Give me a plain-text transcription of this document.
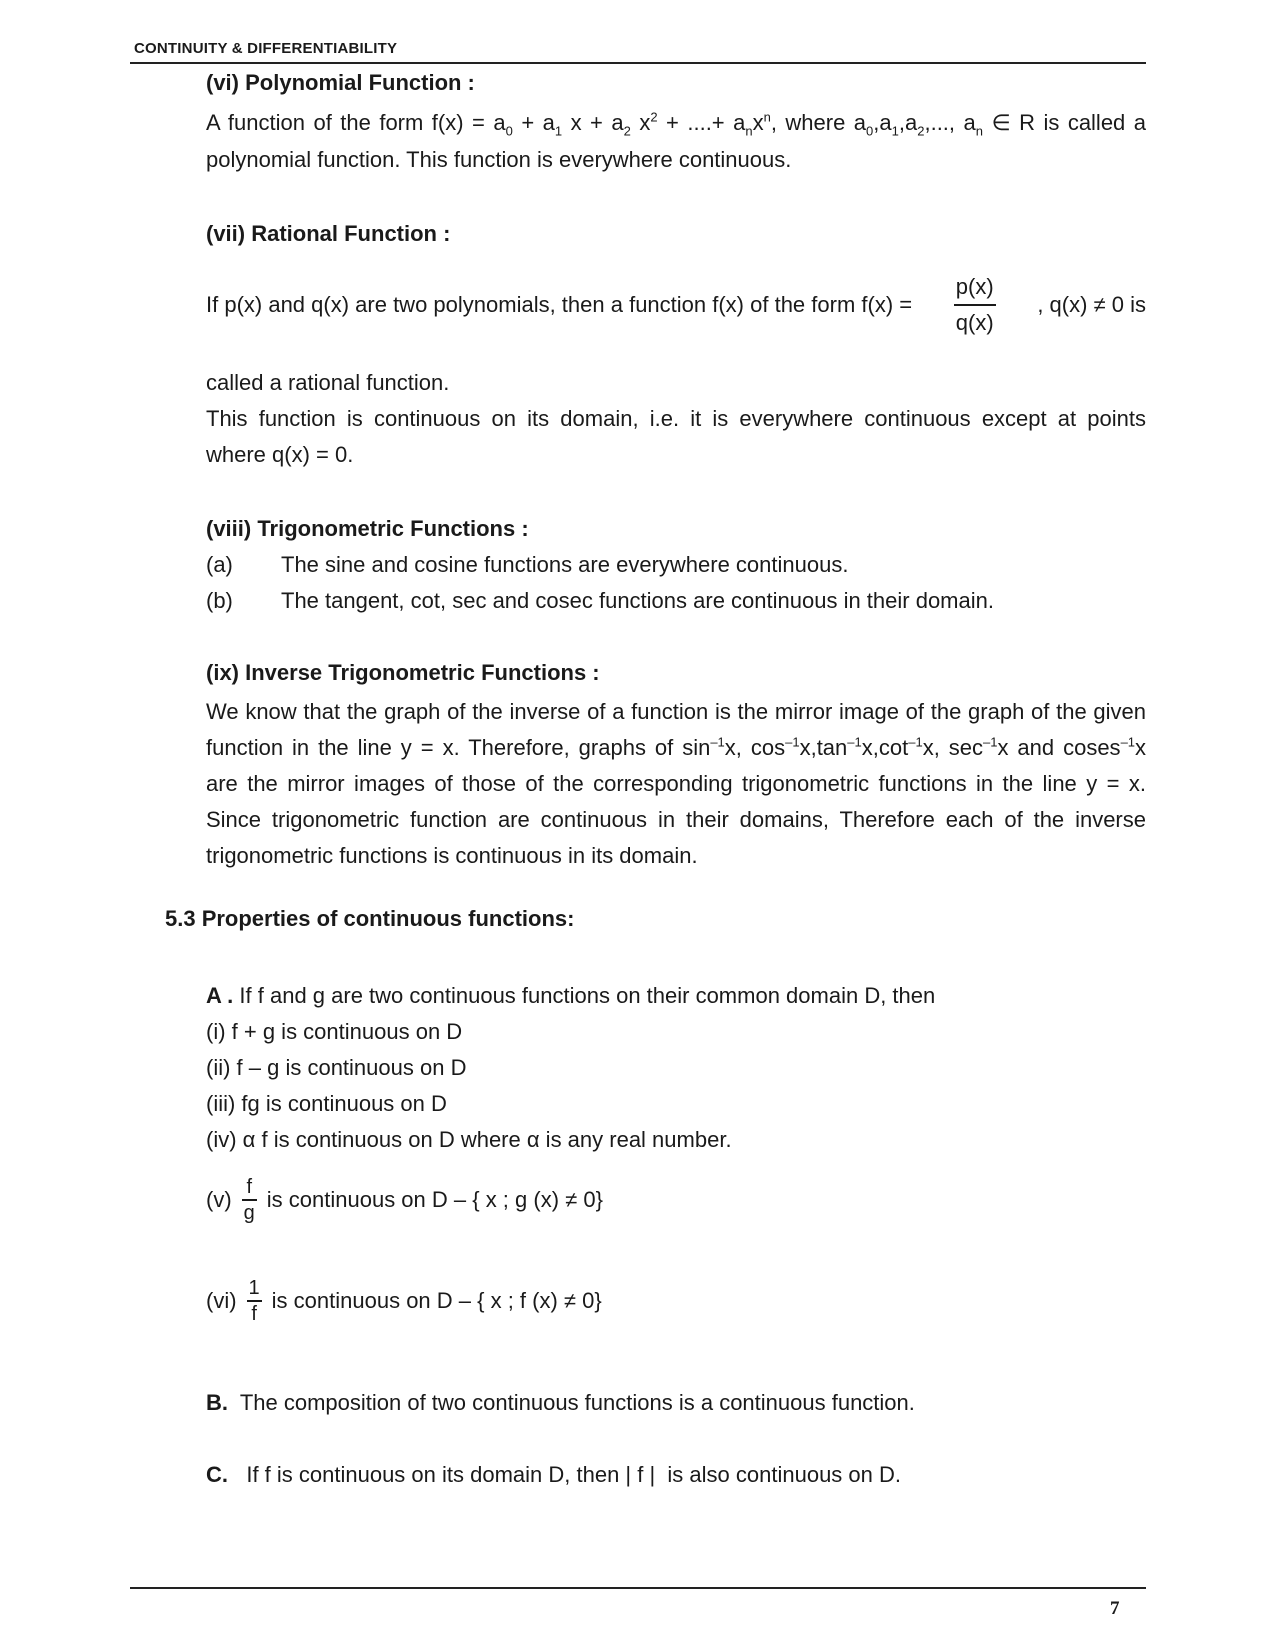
CONTINUITY & DIFFERENTIABILITY
(vi) Polynomial Function :
A function of the form $f(x) = a_0 + a_1$ $x + a_2$ $x^2$ + ....+ $a_nx^n$, where $a_0,a_1,a_2$,..., $a_n$ ∈ R is called a
polynomial function. This function is everywhere continuous.
(vii) Rational Function :
If p(x) and q(x) are two polynomials, then a function f(x) of the form $f(x) = \frac{p(x)}{q(x)}$ , q(x) ≠ 0 is
called a rational function.
This function is continuous on its domain, i.e. it is everywhere continuous except at points
where q(x) = 0.
(viii) Trigonometric Functions :
(a)	The sine and cosine functions are everywhere continuous.
(b)	The tangent, cot, sec and cosec functions are continuous in their domain.
(ix) Inverse Trigonometric Functions :
We know that the graph of the inverse of a function is the mirror image of the graph of the given
function in the line y = x. Therefore, graphs of $\sin^{-1}x$, $\cos^{-1}x,\tan^{-1}x,\cot^{-1}x$, $\sec^{-1}x$ and coses$^{-1}$x
are the mirror images of those of the corresponding trigonometric functions in the line y = x.
Since trigonometric function are continuous in their domains, Therefore each of the inverse
trigonometric functions is continuous in its domain.
5.3 Properties of continuous functions:
A . If f and g are two continuous functions on their common domain D, then
(i) f + g is continuous on D
(ii) f – g is continuous on D
(iii) fg is continuous on D
(iv) α f is continuous on D where α is any real number.
$(v) \frac{f}{g}$ is continuous on D – { x ; g (x) ≠ 0}
$(vi) \frac{1}{f}$ is continuous on D – { x ; f (x) ≠ 0}
B.  The composition of two continuous functions is a continuous function.
C.   If f is continuous on its domain D, then | f |  is also continuous on D.
7
